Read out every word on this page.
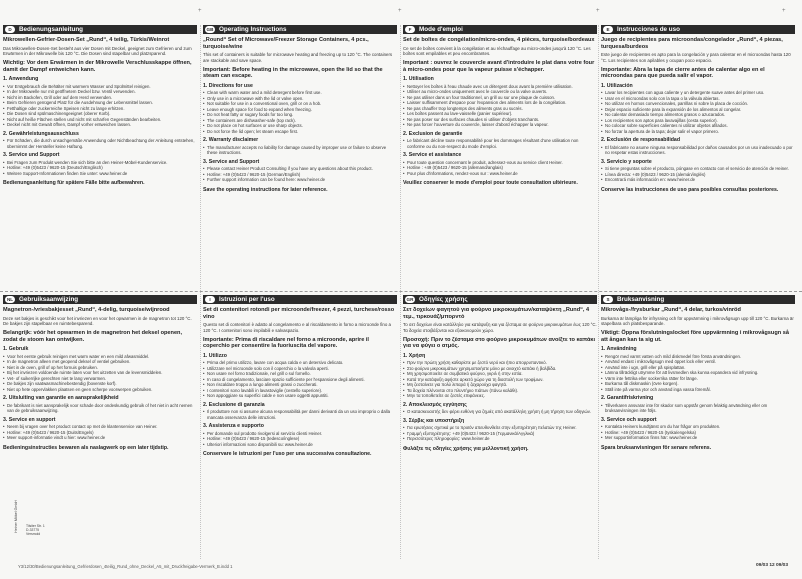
+	+	+	+
D	Bedienungsanleitung
Mikrowellen-Gefrier-Dosen-Set „Rund“, 4 teilig, Türkis/Weinrot
Das Mikrowellen-Dosen-Set besteht aus vier Dosen mit Deckel, geeignet zum Gefrieren und zum Erwärmen in der Mikrowelle bis 120 °C. Die Dosen sind stapelbar und platzsparend.
Wichtig: Vor dem Erwärmen in der Mikrowelle Verschlusskappe öffnen, damit der Dampf entweichen kann.
1. Anwendung
• Vor Erstgebrauch die Behälter mit warmem Wasser und Spülmittel reinigen.
• In der Mikrowelle nur mit geöffnetem Deckel bzw. Ventil verwenden.
• Nicht im Backofen, Grill oder auf dem Herd verwenden.
• Beim Gefrieren genügend Platz für die Ausdehnung der Lebensmittel lassen.
• Fetthaltige oder zuckerreiche Speisen nicht zu lange erhitzen.
• Die Dosen sind spülmaschinengeeignet (oberer Korb).
• Nicht auf heiße Flächen stellen und nicht mit scharfen Gegenständen bearbeiten.
• Deckel nicht mit Gewalt öffnen, Dampf vorher entweichen lassen.
2. Gewährleistungsausschluss
• Für Schäden, die durch unsachgemäße Anwendung oder Nichtbeachtung der Anleitung entstehen, übernimmt der Hersteller keine Haftung.
3. Service und Support
• Bei Fragen zum Produkt wenden Sie sich bitte an den Heiner-Möbel-Kundenservice.
• Hotline: +49 (0)5423 / 9620-15 (Deutsch/Englisch)
• Weitere Support-Informationen finden Sie unter: www.heiner.de
Bedienungsanleitung für spätere Fälle bitte aufbewahren.
GB Operating Instructions
„Round“ Set of Microwave/Freezer Storage Containers, 4 pcs., turquoise/wine
This set of containers is suitable for microwave heating and freezing up to 120 °C. The containers are stackable and save space.
Important: Before heating in the microwave, open the lid so that the steam can escape.
1. Directions for use
• Clean with warm water and a mild detergent before first use.
• Only use in a microwave with the lid or valve open.
• Not suitable for use in a conventional oven, grill or on a hob.
• Leave enough space for food to expand when freezing.
• Do not heat fatty or sugary foods for too long.
• The containers are dishwasher-safe (top rack).
• Do not place on hot surfaces or use sharp objects.
• Do not force the lid open; let steam escape first.
2. Warranty disclaimer
• The manufacturer accepts no liability for damage caused by improper use or failure to observe these instructions.
3. Service and Support
• Please contact Heiner Product Consulting if you have any questions about this product.
• Hotline: +49 (0)5423 / 9620-15 (German/English)
• Further support information can be found here: www.heiner.de
Save the operating instructions for later reference.
F	Mode d'emploi
Set de boîtes de congélation/micro-ondes, 4 pièces, turquoise/bordeaux
Ce set de boîtes convient à la congélation et au réchauffage au micro-ondes jusqu'à 120 °C. Les boîtes sont empilables et peu encombrantes.
Important : ouvrez le couvercle avant d'introduire le plat dans votre four à micro-ondes pour que la vapeur puisse s'échapper.
1. Utilisation
• Nettoyer les boîtes à l'eau chaude avec un détergent doux avant la première utilisation.
• Utiliser au micro-ondes uniquement avec le couvercle ou la valve ouverts.
• Ne pas utiliser dans un four traditionnel, un grill ou sur une plaque de cuisson.
• Laisser suffisamment d'espace pour l'expansion des aliments lors de la congélation.
• Ne pas chauffer trop longtemps des aliments gras ou sucrés.
• Les boîtes passent au lave-vaisselle (panier supérieur).
• Ne pas poser sur des surfaces chaudes ni utiliser d'objets tranchants.
• Ne pas forcer l'ouverture du couvercle, laisser d'abord échapper la vapeur.
2. Exclusion de garantie
• Le fabricant décline toute responsabilité pour les dommages résultant d'une utilisation non conforme ou du non-respect du mode d'emploi.
3. Service et assistance
• Pour toute question concernant le produit, adressez-vous au service client Heiner.
• Hotline : +49 (0)5423 / 9620-15 (allemand/anglais)
• Pour plus d'informations, rendez-vous sur : www.heiner.de
Veuillez conserver le mode d'emploi pour toute consultation ultérieure.
E	Instrucciones de uso
Juego de recipientes para microondas/congelador „Rund“, 4 piezas, turquesa/burdeos
Este juego de recipientes es apto para la congelación y para calentar en el microondas hasta 120 °C. Los recipientes son apilables y ocupan poco espacio.
Importante: Abra la tapa de cierre antes de calentar algo en el microondas para que pueda salir el vapor.
1. Utilización
• Lavar los recipientes con agua caliente y un detergente suave antes del primer uso.
• Usar en el microondas solo con la tapa o la válvula abiertas.
• No utilizar en hornos convencionales, parrillas ni sobre la placa de cocción.
• Dejar espacio suficiente para la expansión de los alimentos al congelar.
• No calentar demasiado tiempo alimentos grasos o azucarados.
• Los recipientes son aptos para lavavajillas (cesta superior).
• No colocar sobre superficies calientes ni utilizar objetos afilados.
• No forzar la apertura de la tapa; dejar salir el vapor primero.
2. Exclusión de responsabilidad
• El fabricante no asume ninguna responsabilidad por daños causados por un uso inadecuado o por no respetar estas instrucciones.
3. Servicio y soporte
• Si tiene preguntas sobre el producto, póngase en contacto con el servicio de atención de Heiner.
• Línea directa: +49 (0)5423 / 9620-15 (alemán/inglés)
• Encontrará más información en: www.heiner.de
Conserve las instrucciones de uso para posibles consultas posteriores.
NL Gebruiksaanwijzing
Magnetron-/vriesbakjesset „Rund“, 4-delig, turquoise/wijnrood
Deze set bakjes is geschikt voor het invriezen en voor het opwarmen in de magnetron tot 120 °C. De bakjes zijn stapelbaar en ruimtebesparend.
Belangrijk: vóór het opwarmen in de magnetron het deksel openen, zodat de stoom kan ontwijken.
1. Gebruik
• Voor het eerste gebruik reinigen met warm water en een mild afwasmiddel.
• In de magnetron alleen met geopend deksel of ventiel gebruiken.
• Niet in de oven, grill of op het fornuis gebruiken.
• Bij het invriezen voldoende ruimte laten voor het uitzetten van de levensmiddelen.
• Vet- of suikerrijke gerechten niet te lang verwarmen.
• De bakjes zijn vaatwasmachinebestendig (bovenste korf).
• Niet op hete oppervlakken plaatsen en geen scherpe voorwerpen gebruiken.
2. Uitsluiting van garantie en aansprakelijkheid
• De fabrikant is niet aansprakelijk voor schade door ondeskundig gebruik of het niet in acht nemen van de gebruiksaanwijzing.
3. Service en support
• Neem bij vragen over het product contact op met de klantenservice van Heiner.
• Hotline: +49 (0)5423 / 9620-15 (Duits/Engels)
• Meer support-informatie vindt u hier: www.heiner.de
Bedieningsinstructies bewaren als naslagwerk op een later tijdstip.
I	Istruzioni per l'uso
Set di contenitori rotondi per microonde/freezer, 4 pezzi, turchese/rosso vino
Questo set di contenitori è adatto al congelamento e al riscaldamento in forno a microonde fino a 120 °C. I contenitori sono impilabili e salvaspazio.
Importante: Prima di riscaldare nel forno a microonde, aprire il coperchio per consentire la fuoriuscita del vapore.
1. Utilizzo
• Prima del primo utilizzo, lavare con acqua calda e un detersivo delicato.
• Utilizzare nel microonde solo con il coperchio o la valvola aperti.
• Non usare nel forno tradizionale, nel grill o sul fornello.
• In caso di congelamento, lasciare spazio sufficiente per l'espansione degli alimenti.
• Non riscaldare troppo a lungo alimenti grassi o zuccherati.
• I contenitori sono lavabili in lavastoviglie (cestello superiore).
• Non appoggiare su superfici calde e non usare oggetti appuntiti.
2. Esclusione di garanzia
• Il produttore non si assume alcuna responsabilità per danni derivanti da un uso improprio o dalla mancata osservanza delle istruzioni.
3. Assistenza e supporto
• Per domande sul prodotto rivolgersi al servizio clienti Heiner.
• Hotline: +49 (0)5423 / 9620-15 (tedesco/inglese)
• Ulteriori informazioni sono disponibili su: www.heiner.de
Conservare le istruzioni per l'uso per una successiva consultazione.
GR Οδηγίες χρήσης
Σετ δοχείων φαγητού για φούρνο μικροκυμάτων/καταψύκτη „Rund“, 4 τεμ., τιρκουάζ/μπορντό
Το σετ δοχείων είναι κατάλληλο για κατάψυξη και για ζέσταμα σε φούρνο μικροκυμάτων έως 120 °C. Τα δοχεία στοιβάζονται και εξοικονομούν χώρο.
Προσοχή: Πριν το ζέσταμα στο φούρνο μικροκυμάτων ανοίξτε το καπάκι για να φύγει ο ατμός.
1. Χρήση
• Πριν την πρώτη χρήση καθαρίστε με ζεστό νερό και ήπιο απορρυπαντικό.
• Στο φούρνο μικροκυμάτων χρησιμοποιήστε μόνο με ανοιχτό καπάκι ή βαλβίδα.
• Μη χρησιμοποιείτε σε συμβατικό φούρνο, γκριλ ή στην εστία.
• Κατά την κατάψυξη αφήστε αρκετό χώρο για τη διαστολή των τροφίμων.
• Μη ζεσταίνετε για πολύ λιπαρά ή ζαχαρούχα φαγητά.
• Τα δοχεία πλένονται στο πλυντήριο πιάτων (πάνω καλάθι).
• Μην τα τοποθετείτε σε ζεστές επιφάνειες.
2. Αποκλεισμός εγγύησης
• Ο κατασκευαστής δεν φέρει ευθύνη για ζημιές από ακατάλληλη χρήση ή μη τήρηση των οδηγιών.
3. Σέρβις και υποστήριξη
• Για ερωτήσεις σχετικά με το προϊόν απευθυνθείτε στην εξυπηρέτηση πελατών της Heiner.
• Γραμμή εξυπηρέτησης: +49 (0)5423 / 9620-15 (Γερμανικά/Αγγλικά)
• Περισσότερες πληροφορίες: www.heiner.de
Φυλάξτε τις οδηγίες χρήσης για μελλοντική χρήση.
S	Bruksanvisning
Mikrovågs-/frysburkar „Rund“, 4 delar, turkos/vinröd
Burkarna är lämpliga för infrysning och för uppvärmning i mikrovågsugn upp till 120 °C. Burkarna är stapelbara och platsbesparande.
Viktigt: Öppna förslutningslocket före uppvärmning i mikrovågsugn så att ångan kan ta sig ut.
1. Användning
• Rengör med varmt vatten och mild diskmedel före första användningen.
• Använd endast i mikrovågsugn med öppet lock eller ventil.
• Använd inte i ugn, grill eller på spisplattan.
• Lämna tillräckligt utrymme för att livsmedlen ska kunna expandera vid infrysning.
• Värm inte fettrika eller sockerrika rätter för länge.
• Burkarna tål diskmaskin (övre korgen).
• Ställ inte på varma ytor och använd inga vassa föremål.
2. Garantifriskrivning
• Tillverkaren ansvarar inte för skador som uppstår genom felaktig användning eller om bruksanvisningen inte följs.
3. Service och support
• Kontakta Heiners kundtjänst om du har frågor om produkten.
• Hotline: +49 (0)5423 / 9620-15 (tyska/engelska)
• Mer supportinformation finns här: www.heiner.de
Spara bruksanvisningen för senare referens.
Heiner Möbel GmbH Tilsiter Str. 1
D-33775
Versmold
Y3/12/30/Bedienungsanleitung_Gefrierdosen_4teilig_Rund_ohne_Deckel_A5_mit_Druckfreigabe-Vermerk_B.indd 1	09/03 12 09/03
